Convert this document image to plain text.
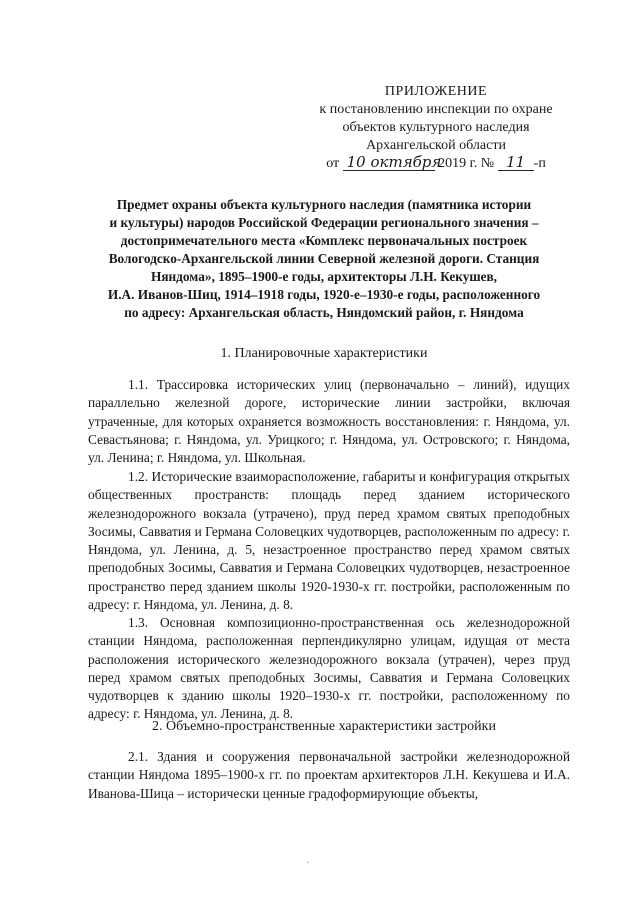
ПРИЛОЖЕНИЕ
к постановлению инспекции по охране
объектов культурного наследия
Архангельской области
от 10 октября 2019 г. № 11 -п
Предмет охраны объекта культурного наследия (памятника истории
и культуры) народов Российской Федерации регионального значения –
достопримечательного места «Комплекс первоначальных построек
Вологодско-Архангельской линии Северной железной дороги. Станция
Няндома», 1895–1900-е годы, архитекторы Л.Н. Кекушев,
И.А. Иванов-Шиц, 1914–1918 годы, 1920-е–1930-е годы, расположенного
по адресу: Архангельская область, Няндомский район, г. Няндома
1. Планировочные характеристики

1.1. Трассировка исторических улиц (первоначально – линий), идущих параллельно железной дороге, исторические линии застройки, включая утраченные, для которых охраняется возможность восстановления: г. Няндома, ул. Севастьянова; г. Няндома, ул. Урицкого; г. Няндома, ул. Островского; г. Няндома, ул. Ленина; г. Няндома, ул. Школьная.

1.2. Исторические взаиморасположение, габариты и конфигурация открытых общественных пространств: площадь перед зданием исторического железнодорожного вокзала (утрачено), пруд перед храмом святых преподобных Зосимы, Савватия и Германа Соловецких чудотворцев, расположенным по адресу: г. Няндома, ул. Ленина, д. 5, незастроенное пространство перед храмом святых преподобных Зосимы, Савватия и Германа Соловецких чудотворцев, незастроенное пространство перед зданием школы 1920-1930-х гг. постройки, расположенным по адресу: г. Няндома, ул. Ленина, д. 8.

1.3. Основная композиционно-пространственная ось железнодорожной станции Няндома, расположенная перпендикулярно улицам, идущая от места расположения исторического железнодорожного вокзала (утрачен), через пруд перед храмом святых преподобных Зосимы, Савватия и Германа Соловецких чудотворцев к зданию школы 1920–1930-х гг. постройки, расположенному по адресу: г. Няндома, ул. Ленина, д. 8.

2. Объемно-пространственные характеристики застройки

2.1. Здания и сооружения первоначальной застройки железнодорожной станции Няндома 1895–1900-х гг. по проектам архитекторов Л.Н. Кекушева и И.А. Иванова-Шица – исторически ценные градоформирующие объекты,

·
